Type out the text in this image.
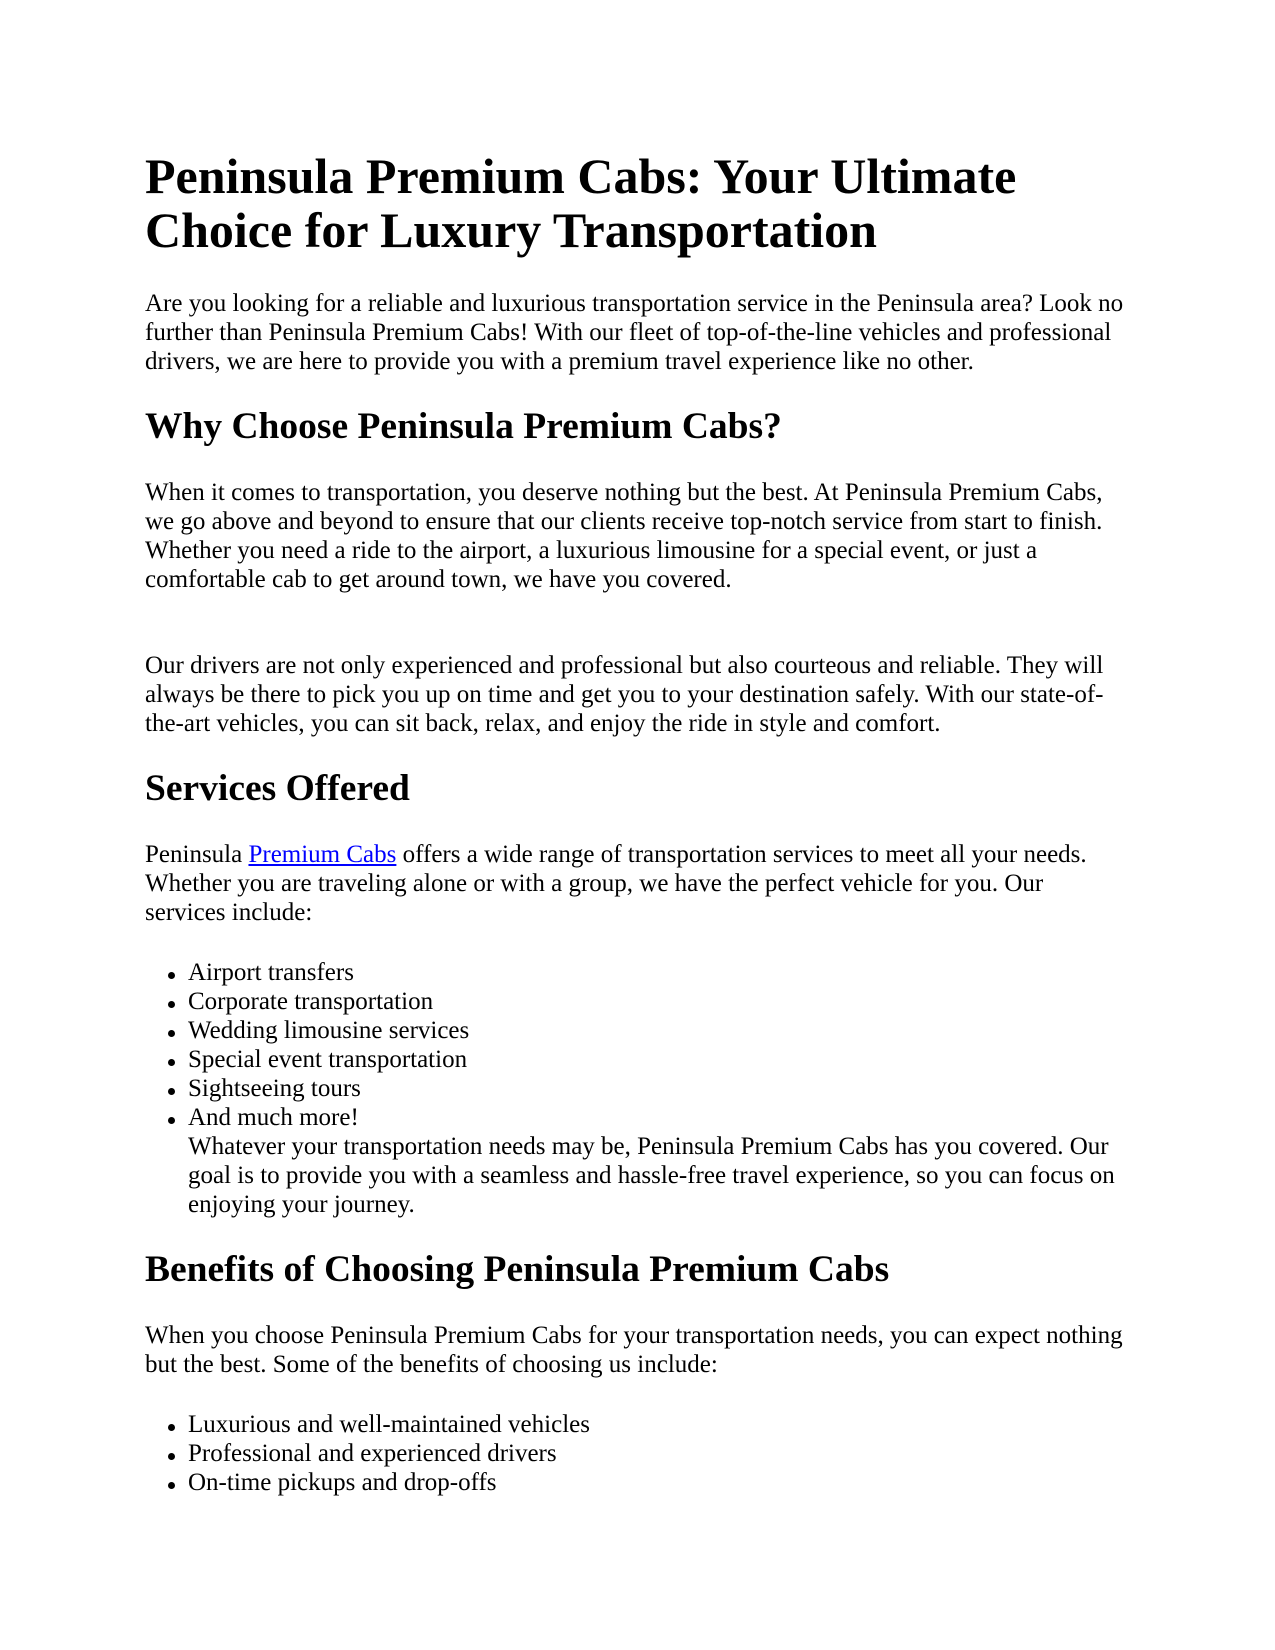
Peninsula Premium Cabs: Your Ultimate Choice for Luxury Transportation

Are you looking for a reliable and luxurious transportation service in the Peninsula area? Look no further than Peninsula Premium Cabs! With our fleet of top-of-the-line vehicles and professional drivers, we are here to provide you with a premium travel experience like no other.

Why Choose Peninsula Premium Cabs?

When it comes to transportation, you deserve nothing but the best. At Peninsula Premium Cabs, we go above and beyond to ensure that our clients receive top-notch service from start to finish. Whether you need a ride to the airport, a luxurious limousine for a special event, or just a comfortable cab to get around town, we have you covered.

Our drivers are not only experienced and professional but also courteous and reliable. They will always be there to pick you up on time and get you to your destination safely. With our state-of-the-art vehicles, you can sit back, relax, and enjoy the ride in style and comfort.

Services Offered

Peninsula Premium Cabs offers a wide range of transportation services to meet all your needs. Whether you are traveling alone or with a group, we have the perfect vehicle for you. Our services include:

Airport transfers
Corporate transportation
Wedding limousine services
Special event transportation
Sightseeing tours
And much more!
Whatever your transportation needs may be, Peninsula Premium Cabs has you covered. Our goal is to provide you with a seamless and hassle-free travel experience, so you can focus on enjoying your journey.
Benefits of Choosing Peninsula Premium Cabs

When you choose Peninsula Premium Cabs for your transportation needs, you can expect nothing but the best. Some of the benefits of choosing us include:

Luxurious and well-maintained vehicles
Professional and experienced drivers
On-time pickups and drop-offs
